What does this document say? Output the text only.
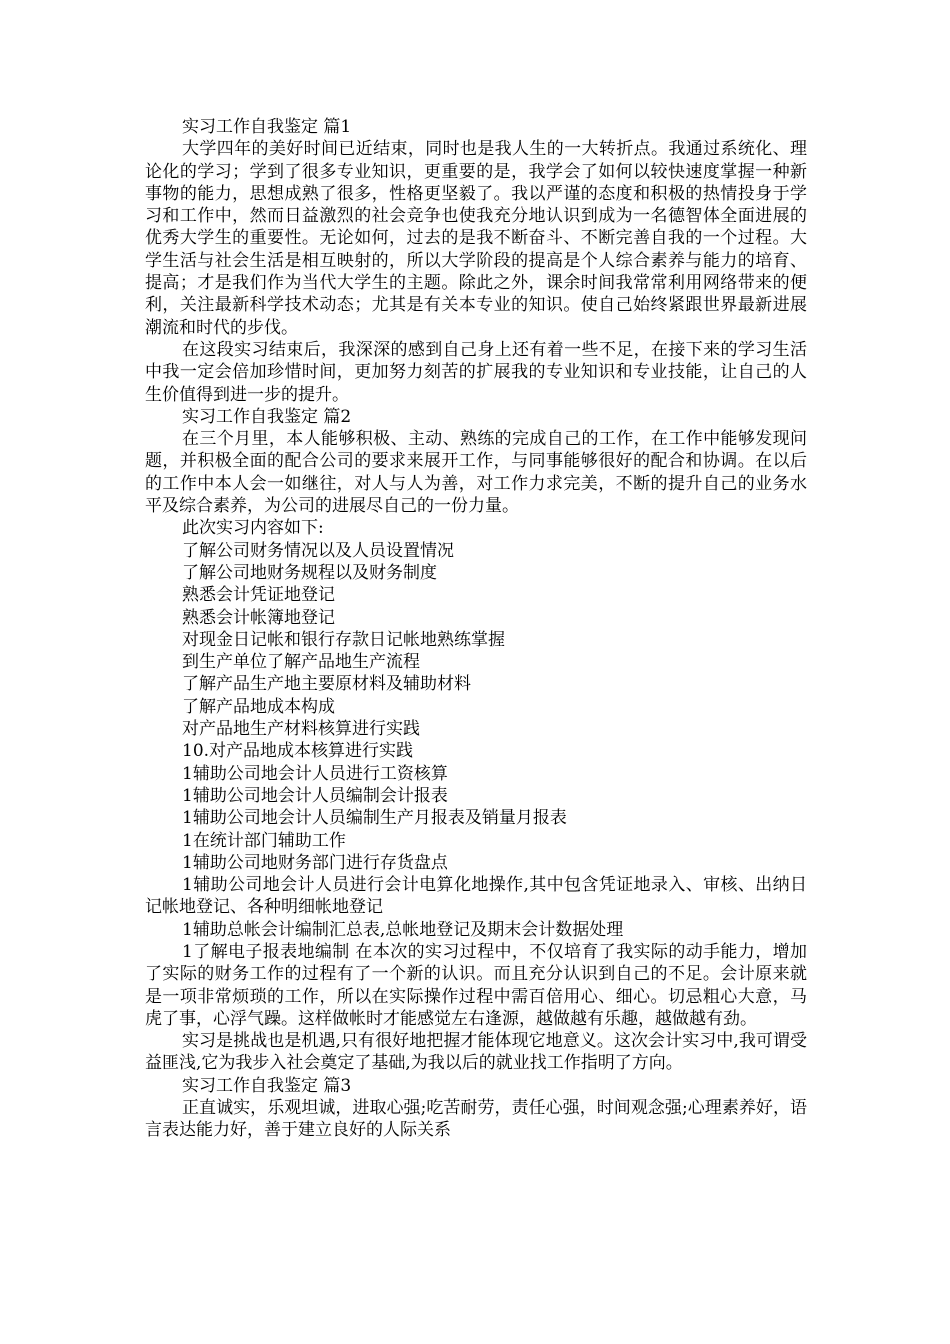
实习工作自我鉴定 篇1

大学四年的美好时间已近结束，同时也是我人生的一大转折点。我通过系统化、理论化的学习；学到了很多专业知识，更重要的是，我学会了如何以较快速度掌握一种新事物的能力，思想成熟了很多，性格更坚毅了。我以严谨的态度和积极的热情投身于学习和工作中，然而日益激烈的社会竞争也使我充分地认识到成为一名德智体全面进展的优秀大学生的重要性。无论如何，过去的是我不断奋斗、不断完善自我的一个过程。大学生活与社会生活是相互映射的，所以大学阶段的提高是个人综合素养与能力的培育、提高；才是我们作为当代大学生的主题。除此之外，课余时间我常常利用网络带来的便利，关注最新科学技术动态；尤其是有关本专业的知识。使自己始终紧跟世界最新进展潮流和时代的步伐。

在这段实习结束后，我深深的感到自己身上还有着一些不足，在接下来的学习生活中我一定会倍加珍惜时间，更加努力刻苦的扩展我的专业知识和专业技能，让自己的人生价值得到进一步的提升。

实习工作自我鉴定 篇2

在三个月里，本人能够积极、主动、熟练的完成自己的工作，在工作中能够发现问题，并积极全面的配合公司的要求来展开工作，与同事能够很好的配合和协调。在以后的工作中本人会一如继往，对人与人为善，对工作力求完美，不断的提升自己的业务水平及综合素养，为公司的进展尽自己的一份力量。

此次实习内容如下:

了解公司财务情况以及人员设置情况

了解公司地财务规程以及财务制度

熟悉会计凭证地登记

熟悉会计帐簿地登记

对现金日记帐和银行存款日记帐地熟练掌握

到生产单位了解产品地生产流程

了解产品生产地主要原材料及辅助材料

了解产品地成本构成

对产品地生产材料核算进行实践

10.对产品地成本核算进行实践

1辅助公司地会计人员进行工资核算

1辅助公司地会计人员编制会计报表

1辅助公司地会计人员编制生产月报表及销量月报表

1在统计部门辅助工作

1辅助公司地财务部门进行存货盘点

1辅助公司地会计人员进行会计电算化地操作,其中包含凭证地录入、审核、出纳日记帐地登记、各种明细帐地登记

1辅助总帐会计编制汇总表,总帐地登记及期末会计数据处理

1了解电子报表地编制 在本次的实习过程中，不仅培育了我实际的动手能力，增加了实际的财务工作的过程有了一个新的认识。而且充分认识到自己的不足。会计原来就是一项非常烦琐的工作，所以在实际操作过程中需百倍用心、细心。切忌粗心大意，马虎了事，心浮气躁。这样做帐时才能感觉左右逢源，越做越有乐趣，越做越有劲。

实习是挑战也是机遇,只有很好地把握才能体现它地意义。这次会计实习中,我可谓受益匪浅,它为我步入社会奠定了基础,为我以后的就业找工作指明了方向。

实习工作自我鉴定 篇3

正直诚实，乐观坦诚，进取心强;吃苦耐劳，责任心强，时间观念强;心理素养好，语言表达能力好，善于建立良好的人际关系
